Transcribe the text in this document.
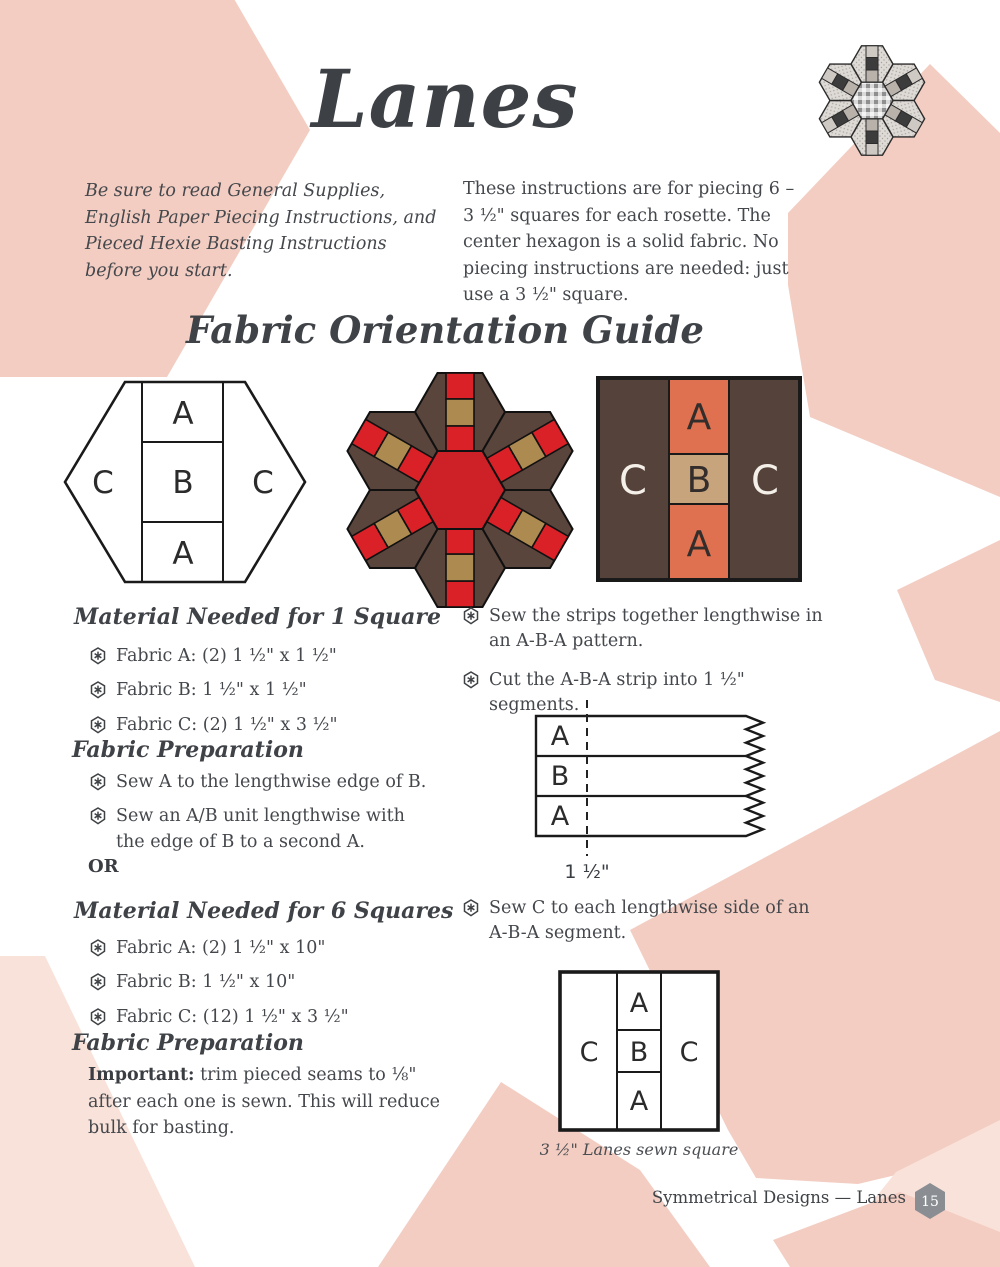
Lanes
Be sure to read General Supplies, English Paper Piecing Instructions, and Pieced Hexie Basting Instructions before you start.
These instructions are for piecing 6 – 3 ½" squares for each rosette. The center hexagon is a solid fabric. No piecing instructions are needed: just use a 3 ½" square.
Fabric Orientation Guide
A
B
A
C	C
A
B
A
C	C
Material Needed for 1 Square
Fabric A: (2) 1 ½" x 1 ½"
Fabric B: 1 ½" x 1 ½"
Fabric C: (2) 1 ½" x 3 ½"
Fabric Preparation
Sew A to the lengthwise edge of B.
Sew an A/B unit lengthwise with the edge of B to a second A.
OR
Material Needed for 6 Squares
Fabric A: (2) 1 ½" x 10"
Fabric B: 1 ½" x 10"
Fabric C: (12) 1 ½" x 3 ½"
Fabric Preparation
Important: trim pieced seams to ⅛" after each one is sewn. This will reduce bulk for basting.
Sew the strips together lengthwise in an A-B-A pattern.
Cut the A-B-A strip into 1 ½" segments.
A
B
A
1 ½"
Sew C to each lengthwise side of an A-B-A segment.
A
B
A
C	C
3 ½" Lanes sewn square
Symmetrical Designs — Lanes 15
